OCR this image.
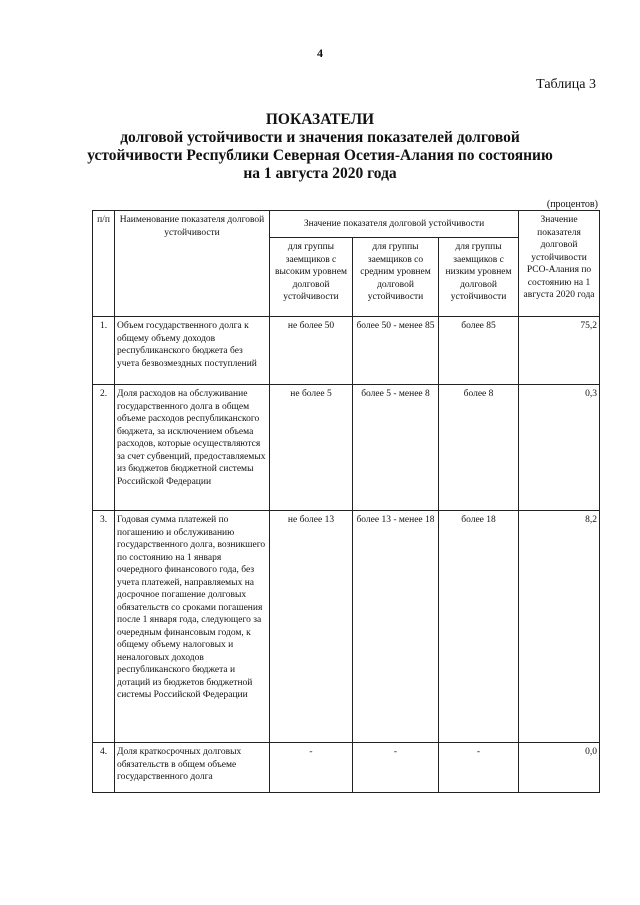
4
Таблица 3
ПОКАЗАТЕЛИ
долговой устойчивости и значения показателей долговой
устойчивости Республики Северная Осетия-Алания по состоянию
на 1 августа 2020 года
(процентов)
п/п	Наименование показателя долговой устойчивости	Значение показателя долговой устойчивости			Значение показателя долговой устойчивости РСО-Алания по состоянию на 1 августа 2020 года
		для группы заемщиков с высоким уровнем долговой устойчивости	для группы заемщиков со средним уровнем долговой устойчивости	для группы заемщиков с низким уровнем долговой устойчивости	
1.	Объем государственного долга к общему объему доходов республиканского бюджета без учета безвозмездных поступлений	не более 50	более 50 - менее 85	более 85	75,2
2.	Доля расходов на обслуживание государственного долга в общем объеме расходов республиканского бюджета, за исключением объема расходов, которые осуществляются за счет субвенций, предоставляемых из бюджетов бюджетной системы Российской Федерации	не более 5	более 5 - менее 8	более 8	0,3
3.	Годовая сумма платежей по погашению и обслуживанию государственного долга, возникшего по состоянию на 1 января очередного финансового года, без учета платежей, направляемых на досрочное погашение долговых обязательств со сроками погашения после 1 января года, следующего за очередным финансовым годом, к общему объему налоговых и неналоговых доходов республиканского бюджета и дотаций из бюджетов бюджетной системы Российской Федерации	не более 13	более 13 - менее 18	более 18	8,2
4.	Доля краткосрочных долговых обязательств в общем объеме государственного долга	-	-	-	0,0
